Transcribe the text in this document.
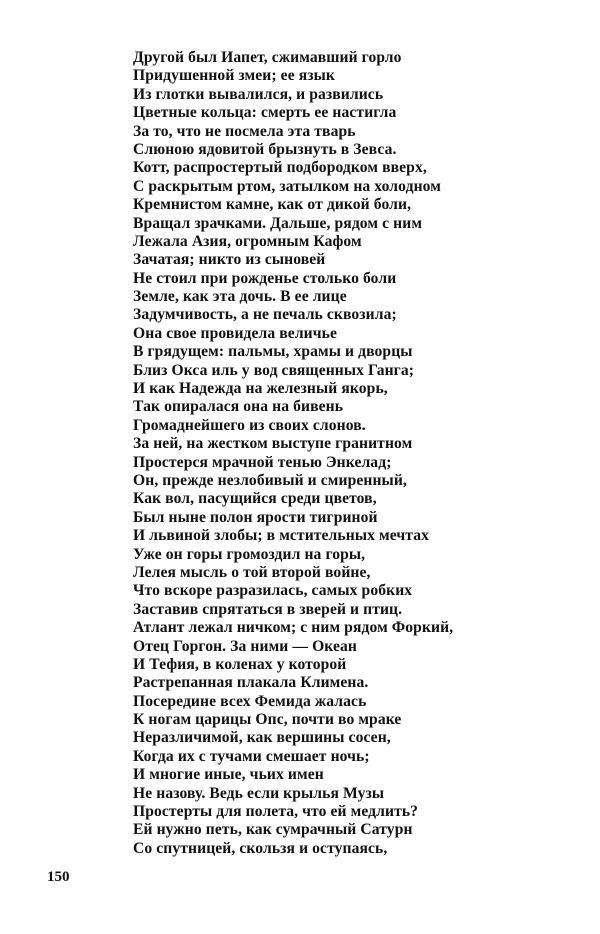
Другой был Иапет, сжимавший горло
Придушенной змеи; ее язык
Из глотки вывалился, и развились
Цветные кольца: смерть ее настигла
За то, что не посмела эта тварь
Слюною ядовитой брызнуть в Зевса.
Котт, распростертый подбородком вверх,
С раскрытым ртом, затылком на холодном
Кремнистом камне, как от дикой боли,
Вращал зрачками. Дальше, рядом с ним
Лежала Азия, огромным Кафом
Зачатая; никто из сыновей
Не стоил при рожденье столько боли
Земле, как эта дочь. В ее лице
Задумчивость, а не печаль сквозила;
Она свое провидела величье
В грядущем: пальмы, храмы и дворцы
Близ Окса иль у вод священных Ганга;
И как Надежда на железный якорь,
Так опиралася она на бивень
Громаднейшего из своих слонов.
За ней, на жестком выступе гранитном
Простерся мрачной тенью Энкелад;
Он, прежде незлобивый и смиренный,
Как вол, пасущийся среди цветов,
Был ныне полон ярости тигриной
И львиной злобы; в мстительных мечтах
Уже он горы громоздил на горы,
Лелея мысль о той второй войне,
Что вскоре разразилась, самых робких
Заставив спрятаться в зверей и птиц.
Атлант лежал ничком; с ним рядом Форкий,
Отец Горгон. За ними — Океан
И Тефия, в коленах у которой
Растрепанная плакала Климена.
Посередине всех Фемида жалась
К ногам царицы Опс, почти во мраке
Неразличимой, как вершины сосен,
Когда их с тучами смешает ночь;
И многие иные, чьих имен
Не назову. Ведь если крылья Музы
Простерты для полета, что ей медлить?
Ей нужно петь, как сумрачный Сатурн
Со спутницей, скользя и оступаясь,
150
